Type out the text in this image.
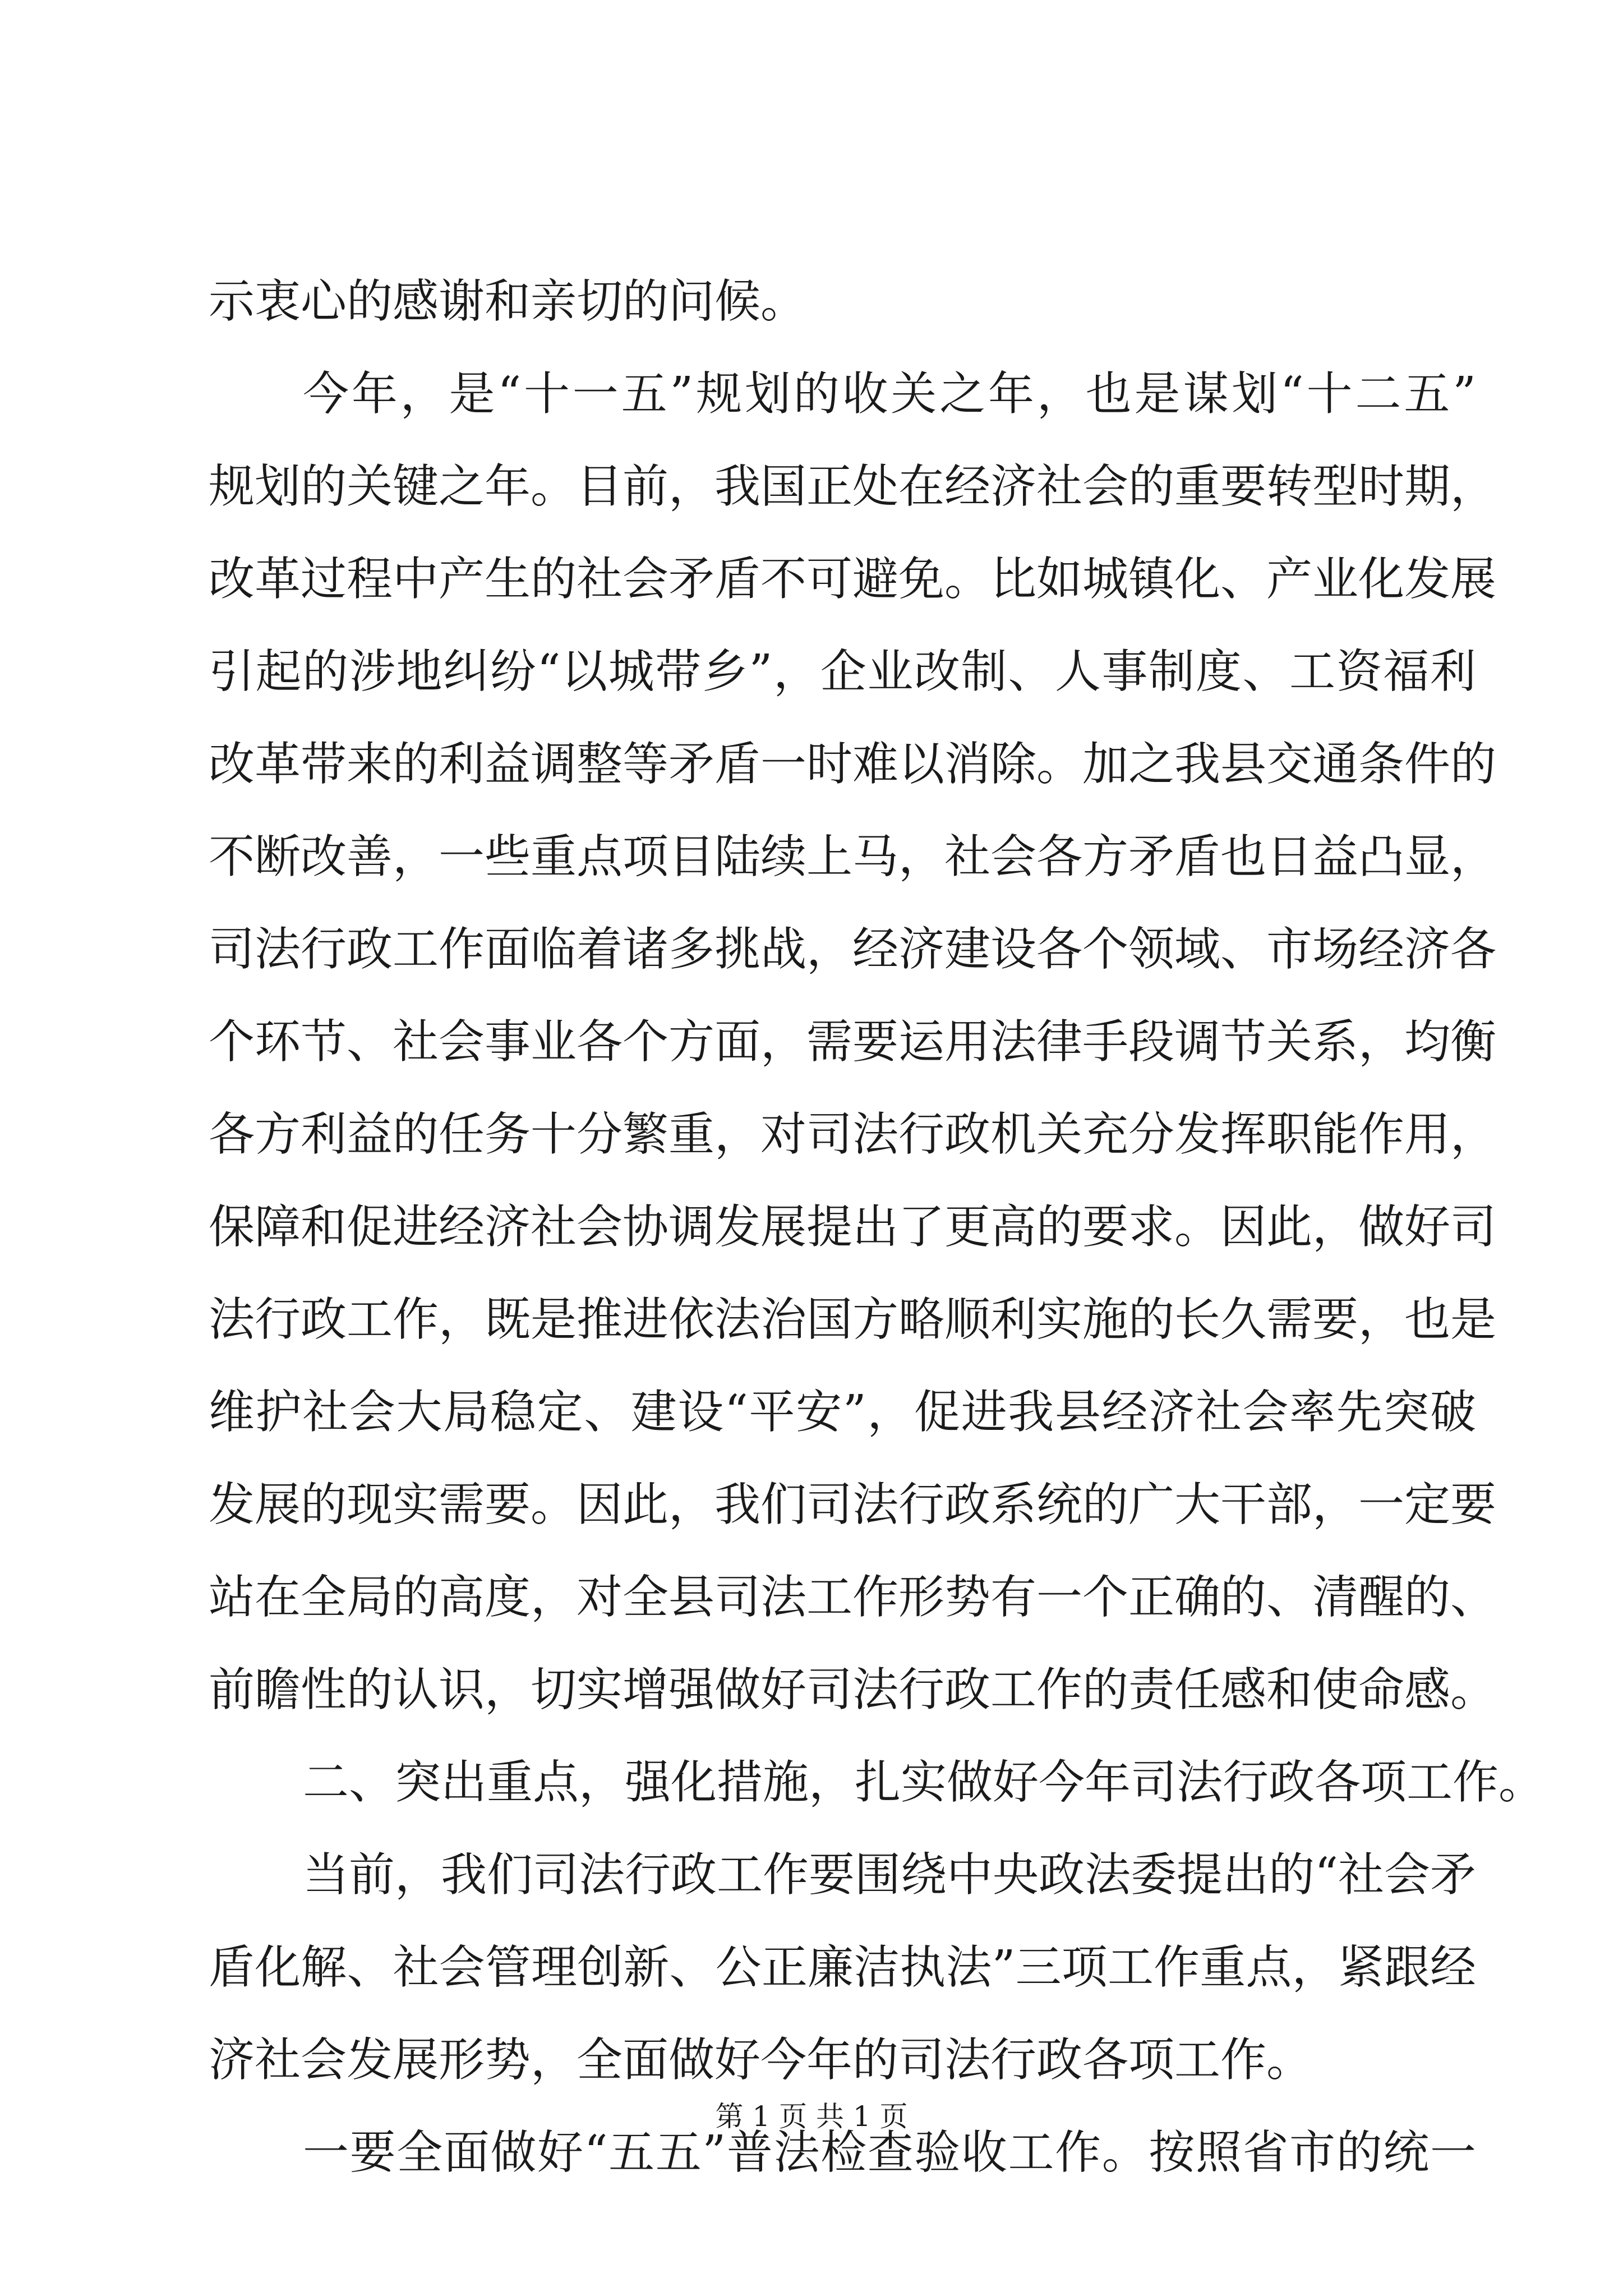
示衷心的感谢和亲切的问候。
今年，是“十一五”规划的收关之年，也是谋划“十二五”
规划的关键之年。目前，我国正处在经济社会的重要转型时期，
改革过程中产生的社会矛盾不可避免。比如城镇化、产业化发展
引起的涉地纠纷“以城带乡”，企业改制、人事制度、工资福利
改革带来的利益调整等矛盾一时难以消除。加之我县交通条件的
不断改善，一些重点项目陆续上马，社会各方矛盾也日益凸显，
司法行政工作面临着诸多挑战，经济建设各个领域、市场经济各
个环节、社会事业各个方面，需要运用法律手段调节关系，均衡
各方利益的任务十分繁重，对司法行政机关充分发挥职能作用，
保障和促进经济社会协调发展提出了更高的要求。因此，做好司
法行政工作，既是推进依法治国方略顺利实施的长久需要，也是
维护社会大局稳定、建设“平安”，促进我县经济社会率先突破
发展的现实需要。因此，我们司法行政系统的广大干部，一定要
站在全局的高度，对全县司法工作形势有一个正确的、清醒的、
前瞻性的认识，切实增强做好司法行政工作的责任感和使命感。
二、突出重点，强化措施，扎实做好今年司法行政各项工作。
当前，我们司法行政工作要围绕中央政法委提出的“社会矛
盾化解、社会管理创新、公正廉洁执法”三项工作重点，紧跟经
济社会发展形势，全面做好今年的司法行政各项工作。
一要全面做好“五五”普法检查验收工作。按照省市的统一
第 1 页 共 1 页
